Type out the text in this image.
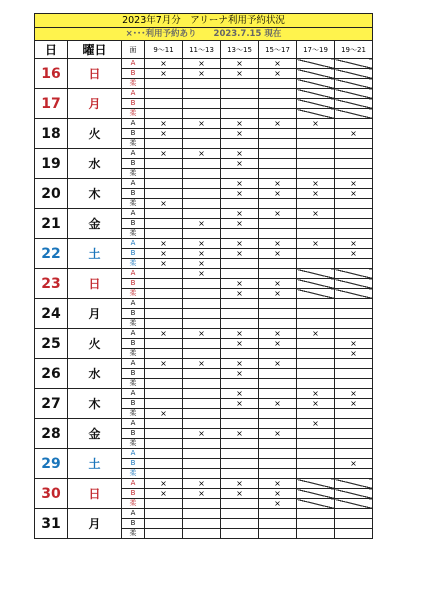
2023年7月分　アリーナ利用予約状況								
×･･･利用予約あり　　2023.7.15 現在								
日	曜日	面	9～11	11～13	13～15	15～17	17～19	19～21
16	日	A	×	×	×	×		
		B	×	×	×	×		
		柔						
17	月	A						
		B						
		柔						
18	火	A	×	×	×	×	×	
		B	×		×			×
		柔						
19	水	A	×	×	×			
		B			×			
		柔						
20	木	A			×	×	×	×
		B			×	×	×	×
		柔	×					
21	金	A			×	×	×	
		B		×	×			
		柔						
22	土	A	×	×	×	×	×	×
		B	×	×	×	×		×
		柔	×	×				
23	日	A		×				
		B			×	×		
		柔			×	×		
24	月	A						
		B						
		柔						
25	火	A	×	×	×	×	×	
		B			×	×		×
		柔						×
26	水	A	×	×	×	×		
		B			×			
		柔						
27	木	A			×		×	×
		B			×	×	×	×
		柔	×					
28	金	A					×	
		B		×	×	×		
		柔						
29	土	A						
		B						×
		柔						
30	日	A	×	×	×	×		
		B	×	×	×	×		
		柔				×		
31	月	A						
		B						
		柔						
